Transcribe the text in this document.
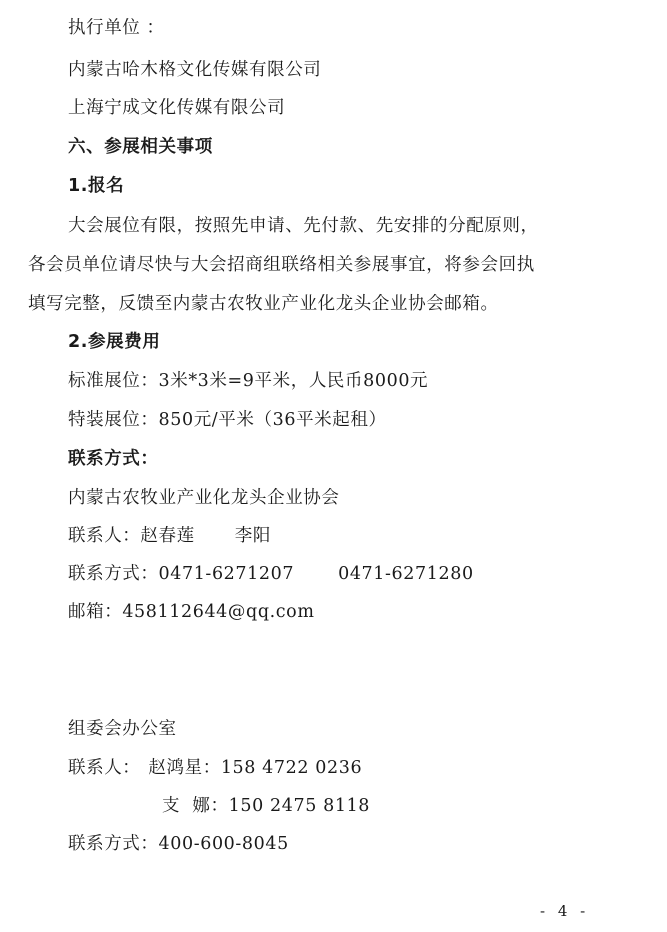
执行单位 ：
内蒙古哈木格文化传媒有限公司
上海宁成文化传媒有限公司
六、参展相关事项
1.报名
大会展位有限，按照先申请、先付款、先安排的分配原则，
各会员单位请尽快与大会招商组联络相关参展事宜，将参会回执
填写完整，反馈至内蒙古农牧业产业化龙头企业协会邮箱。
2.参展费用
标准展位：3米*3米=9平米，人民币8000元
特装展位：850元/平米（36平米起租）
联系方式：
内蒙古农牧业产业化龙头企业协会
联系人：赵春莲 李阳
联系方式：0471-6271207	0471-6271280
邮箱：458112644@qq.com
组委会办公室
联系人： 赵鸿星：158 4722 0236
支  娜：150 2475 8118
联系方式：400-600-8045
- 4 -
